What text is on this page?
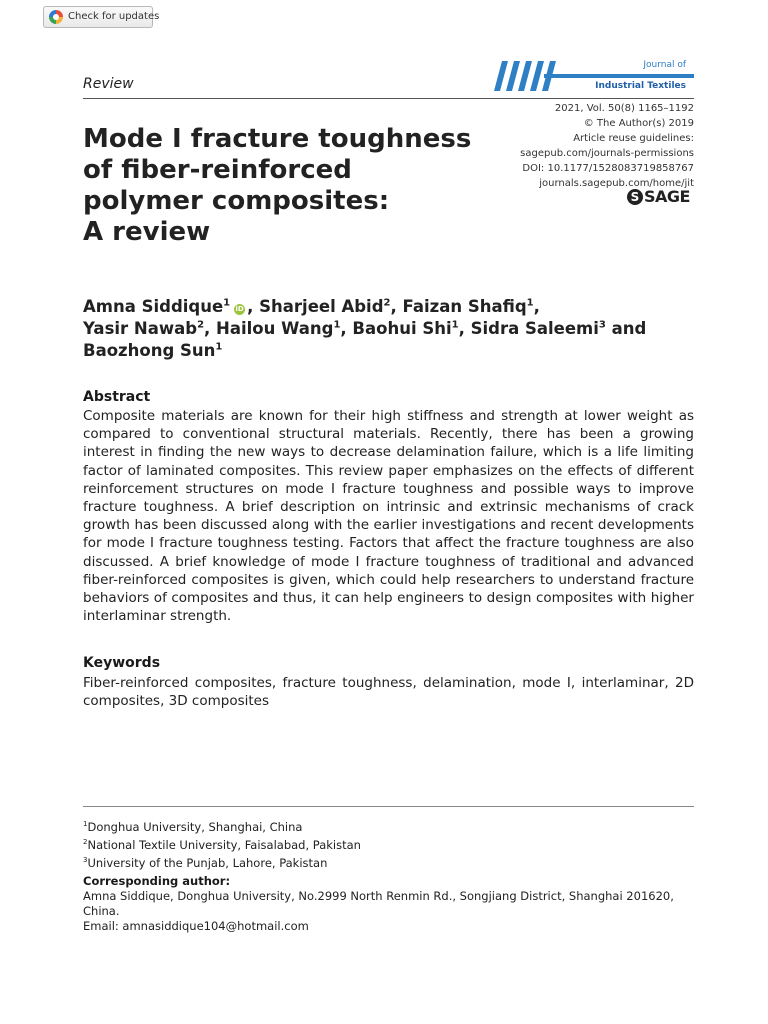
Check for updates
Review
Journal of
Industrial Textiles
2021, Vol. 50(8) 1165–1192
© The Author(s) 2019
Article reuse guidelines:
sagepub.com/journals-permissions
DOI: 10.1177/1528083719858767
journals.sagepub.com/home/jit
S SAGE
Mode I fracture toughness
of fiber-reinforced
polymer composites:
A review
Amna Siddique$^1$iD , Sharjeel Abid$^2$, Faizan Shafiq$^1$,
Yasir Nawab$^2$, Hailou Wang$^1$, Baohui Shi$^1$, Sidra Saleemi$^3$ and
Baozhong Sun$^1$
Abstract
Composite materials are known for their high stiffness and strength at lower weight as compared to conventional structural materials. Recently, there has been a growing interest in finding the new ways to decrease delamination failure, which is a life limiting factor of laminated composites. This review paper emphasizes on the effects of different reinforcement structures on mode I fracture toughness and possible ways to improve fracture toughness. A brief description on intrinsic and extrinsic mechanisms of crack growth has been discussed along with the earlier investigations and recent developments for mode I fracture toughness testing. Factors that affect the fracture toughness are also discussed. A brief knowledge of mode I fracture toughness of traditional and advanced fiber-reinforced composites is given, which could help researchers to understand fracture behaviors of composites and thus, it can help engineers to design composites with higher interlaminar strength.
Keywords
Fiber-reinforced composites, fracture toughness, delamination, mode I, interlaminar, 2D composites, 3D composites
$^1$Donghua University, Shanghai, China
$^2$National Textile University, Faisalabad, Pakistan
$^3$University of the Punjab, Lahore, Pakistan
Corresponding author:
Amna Siddique, Donghua University, No.2999 North Renmin Rd., Songjiang District, Shanghai 201620, China.
Email: amnasiddique104@hotmail.com
